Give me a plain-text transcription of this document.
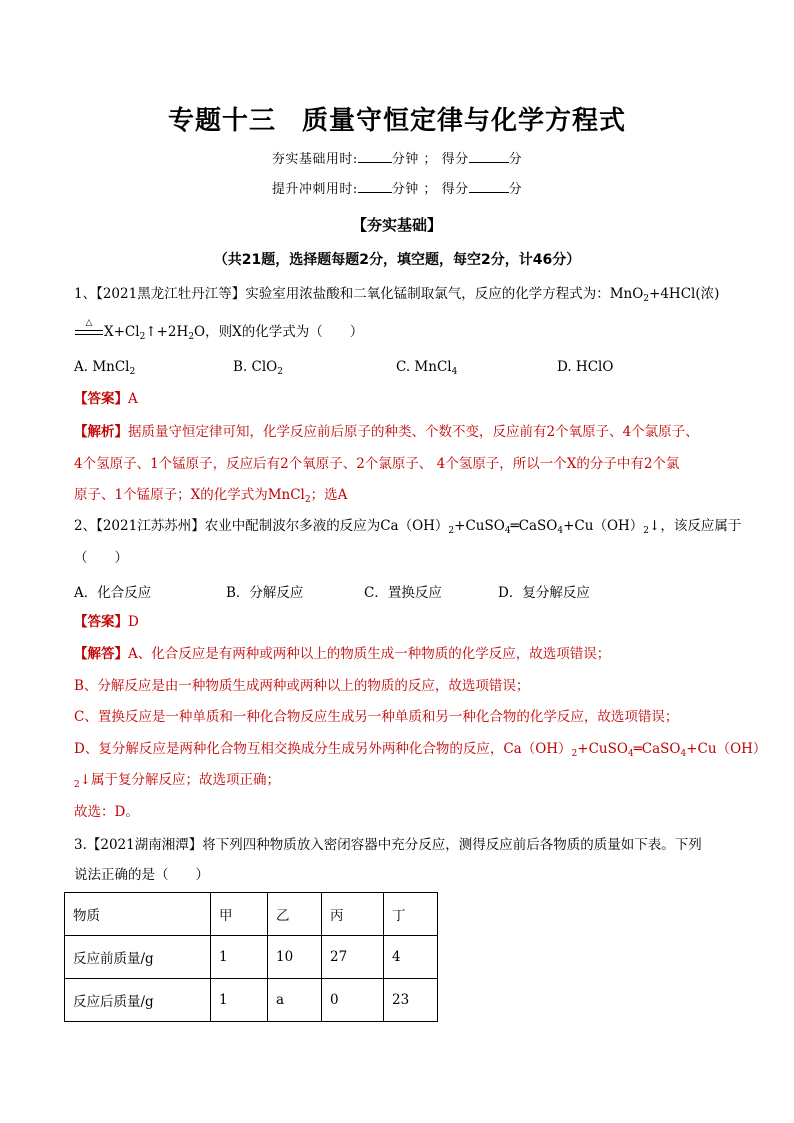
专题十三 质量守恒定律与化学方程式
夯实基础用时:	分钟 ； 得分	分
提升冲刺用时:	分钟 ； 得分	分
【夯实基础】
（共21题，选择题每题2分，填空题，每空2分，计46分）
1、【2021黑龙江牡丹江等】实验室用浓盐酸和二氧化锰制取氯气，反应的化学方程式为：MnO$_2$+4HCl(浓)
△
$X+Cl_2↑+2H_2O$，则X的化学式为（　　）
A. MnCl$_2$	B. ClO$_2$	C. MnCl$_4$	D. HClO
【答案】A
【解析】据质量守恒定律可知，化学反应前后原子的种类、个数不变，反应前有2个氧原子、4个氯原子、
4个氢原子、1个锰原子，反应后有2个氧原子、2个氯原子、 4个氢原子，所以一个X的分子中有2个氯
原子、1个锰原子；X的化学式为MnCl$_2$；选A
2、【2021江苏苏州】农业中配制波尔多液的反应为$Ca(OH)_2+CuSO_4═CaSO_4+Cu(OH)_2↓$，该反应属于
（　　）
A．化合反应	B．分解反应	C．置换反应	D．复分解反应
【答案】D
【解答】A、化合反应是有两种或两种以上的物质生成一种物质的化学反应，故选项错误；
B、分解反应是由一种物质生成两种或两种以上的物质的反应，故选项错误；
C、置换反应是一种单质和一种化合物反应生成另一种单质和另一种化合物的化学反应，故选项错误；
D、复分解反应是两种化合物互相交换成分生成另外两种化合物的反应，$Ca(OH)_2+CuSO_4═CaSO_4+Cu(OH)$
$_2$↓属于复分解反应；故选项正确；
故选：D。
3.【2021湖南湘潭】将下列四种物质放入密闭容器中充分反应，测得反应前后各物质的质量如下表。下列
说法正确的是（　　）
物质	甲	乙	丙	丁
反应前质量/g	1	10	27	4
反应后质量/g	1	a	0	23
